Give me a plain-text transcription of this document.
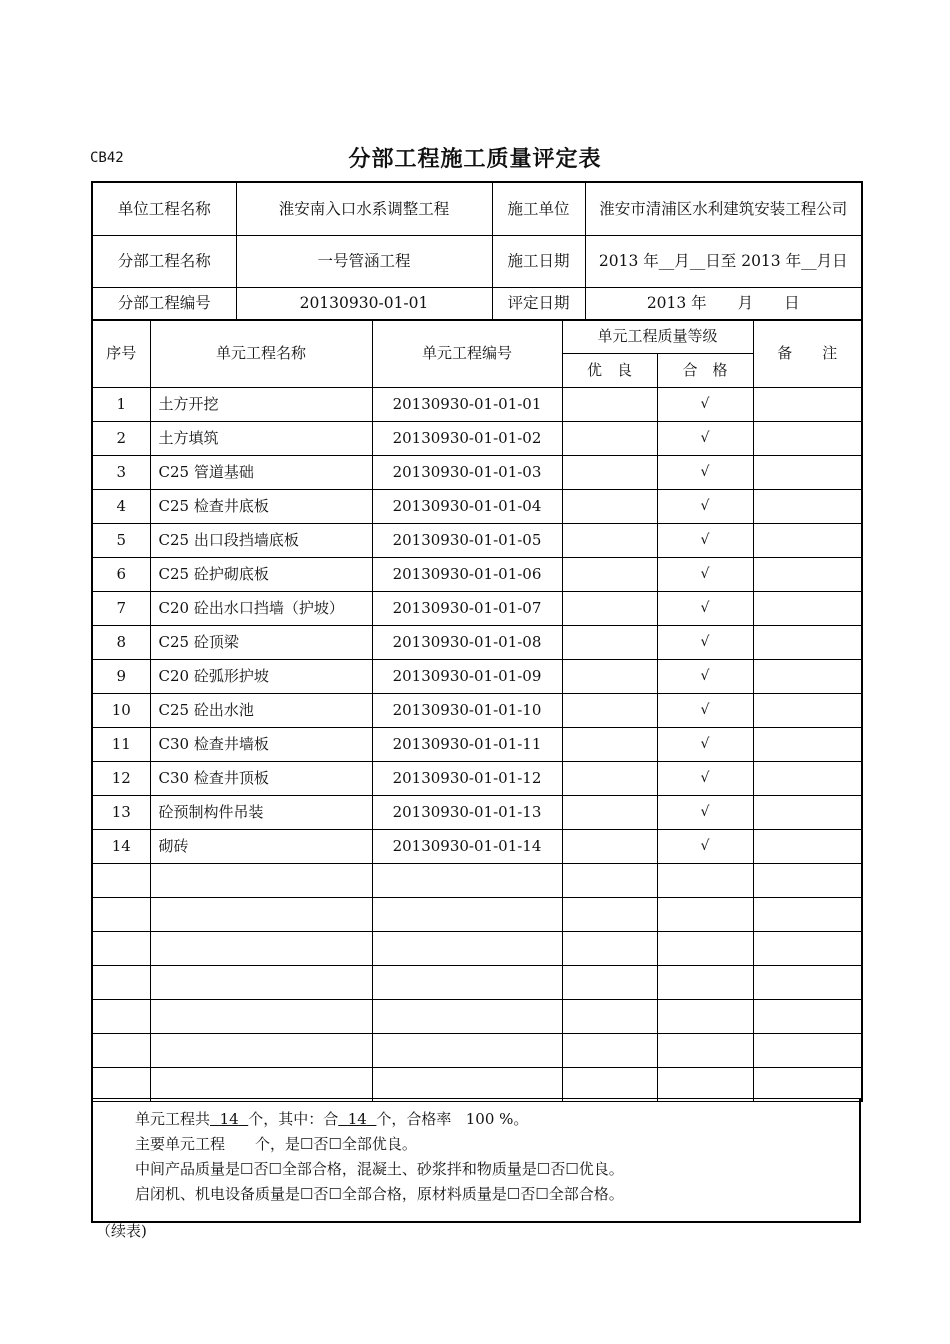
CB42	分部工程施工质量评定表
单位工程名称	淮安南入口水系调整工程	施工单位	淮安市清浦区水利建筑安装工程公司
分部工程名称	一号管涵工程	施工日期	2013 年__月__日至 2013 年__月日
分部工程编号	20130930-01-01	评定日期	2013 年　　月　　日
序号	单元工程名称	单元工程编号	单元工程质量等级		备　　注
			优　良	合　格	
1	土方开挖	20130930-01-01-01		√	
2	土方填筑	20130930-01-01-02		√	
3	C25 管道基础	20130930-01-01-03		√	
4	C25 检查井底板	20130930-01-01-04		√	
5	C25 出口段挡墙底板	20130930-01-01-05		√	
6	C25 砼护砌底板	20130930-01-01-06		√	
7	C20 砼出水口挡墙（护坡）	20130930-01-01-07		√	
8	C25 砼顶梁	20130930-01-01-08		√	
9	C20 砼弧形护坡	20130930-01-01-09		√	
10	C25 砼出水池	20130930-01-01-10		√	
11	C30 检查井墙板	20130930-01-01-11		√	
12	C30 检查井顶板	20130930-01-01-12		√	
13	砼预制构件吊装	20130930-01-01-13		√	
14	砌砖	20130930-01-01-14		√	

单元工程共 14 个，其中：合 14 个，合格率 100 %。
主要单元工程　　个，是☐否☐全部优良。
中间产品质量是☐否☐全部合格，混凝土、砂浆拌和物质量是☐否☐优良。
启闭机、机电设备质量是☐否☐全部合格，原材料质量是☐否☐全部合格。
（续表)
